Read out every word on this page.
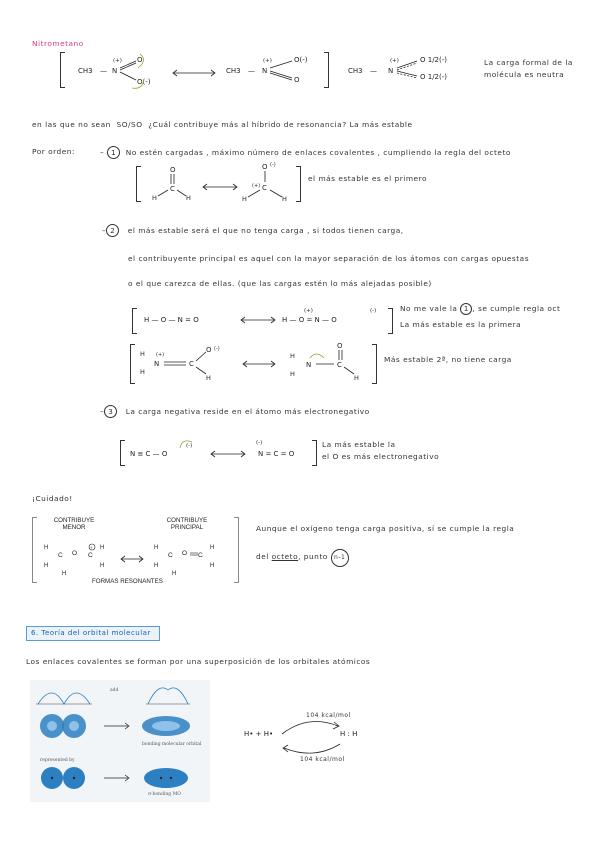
Nitrometano
CH3 — N
(+) O
O(-)
CH3 — N
(+)	O(-)
O
CH3 — N
(+)	O 1/2(-)
O 1/2(-)
La carga formal de la
molécula es neutra
en las que no sean SO/SO ¿Cuál contribuye más al híbrido de resonancia? La más estable
Por orden:	– 1 No estén cargadas , máximo número de enlaces covalentes , cumpliendo la regla del octeto
O
C
H	H
O (-)
C
(+)
H	H
el más estable es el primero
– 2 el más estable será el que no tenga carga , si todos tienen carga,
el contribuyente principal es aquel con la mayor separación de los átomos con cargas opuestas
o el que carezca de ellas. (que las cargas estén lo más alejadas posible)
H — O — N = O	H — O = N — O
(+)	(-)	No me vale la 1 , se cumple regla oct
La más estable es la primera
H
H
N
(+)
C
O (-)
H
H
H
N	C
O
H
Más estable 2ª, no tiene carga
– 3 La carga negativa reside en el átomo más electronegativo
N ≡ C — O
(-)
N = C = O
(-)	La más estable la
el O es más electronegativo
¡Cuidado!
CONTRIBUYE MENOR
CONTRIBUYE PRINCIPAL
H
H
C O C
+ H
H
H
H
H
C O C
H
H
H
FORMAS RESONANTES
Aunque el oxígeno tenga carga positiva, sí se cumple la regla
del octeto, punto n-1
6. Teoría del orbital molecular
Los enlaces covalentes se forman por una superposición de los orbitales atómicos
add
bonding molecular orbital
represented by
σ-bonding MO
H• + H•	H : H
104 kcal/mol
104 kcal/mol
